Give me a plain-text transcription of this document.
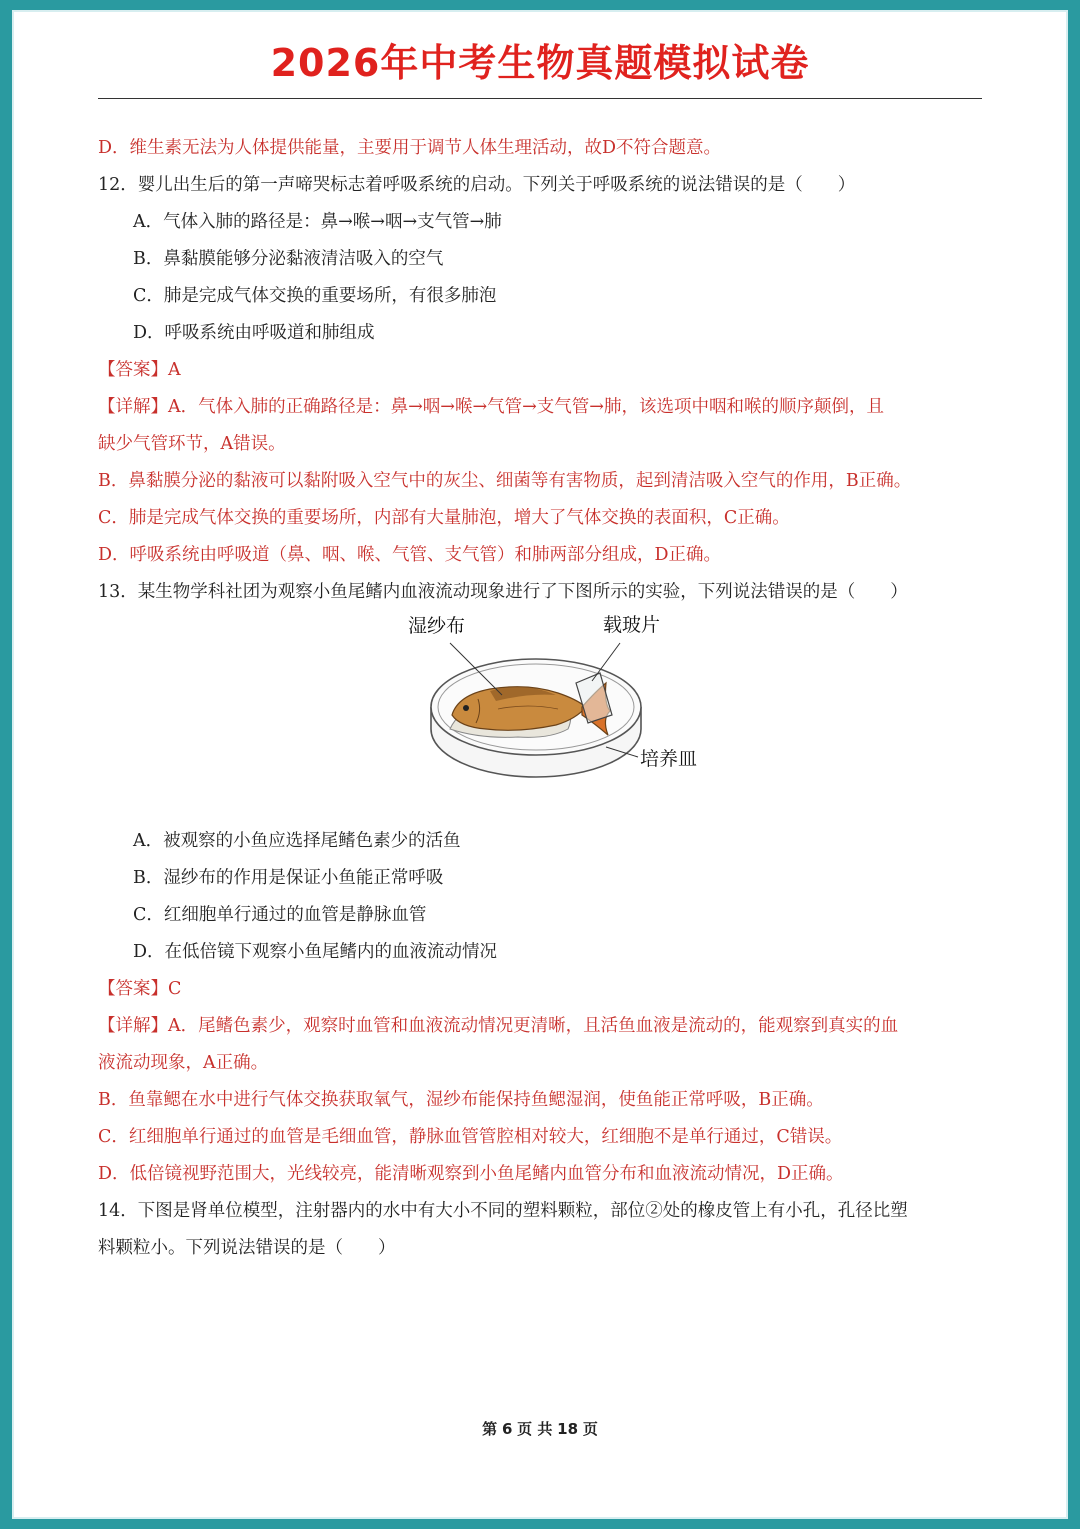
2026年中考生物真题模拟试卷
D．维生素无法为人体提供能量，主要用于调节人体生理活动，故D不符合题意。
12．婴儿出生后的第一声啼哭标志着呼吸系统的启动。下列关于呼吸系统的说法错误的是（　　）
A．气体入肺的路径是：鼻→喉→咽→支气管→肺
B．鼻黏膜能够分泌黏液清洁吸入的空气
C．肺是完成气体交换的重要场所，有很多肺泡
D．呼吸系统由呼吸道和肺组成
【答案】A
【详解】A．气体入肺的正确路径是：鼻→咽→喉→气管→支气管→肺，该选项中咽和喉的顺序颠倒，且
缺少气管环节，A错误。
B．鼻黏膜分泌的黏液可以黏附吸入空气中的灰尘、细菌等有害物质，起到清洁吸入空气的作用，B正确。
C．肺是完成气体交换的重要场所，内部有大量肺泡，增大了气体交换的表面积，C正确。
D．呼吸系统由呼吸道（鼻、咽、喉、气管、支气管）和肺两部分组成，D正确。
13．某生物学科社团为观察小鱼尾鳍内血液流动现象进行了下图所示的实验，下列说法错误的是（　　）
湿纱布	载玻片
培养皿
A．被观察的小鱼应选择尾鳍色素少的活鱼
B．湿纱布的作用是保证小鱼能正常呼吸
C．红细胞单行通过的血管是静脉血管
D．在低倍镜下观察小鱼尾鳍内的血液流动情况
【答案】C
【详解】A．尾鳍色素少，观察时血管和血液流动情况更清晰，且活鱼血液是流动的，能观察到真实的血
液流动现象，A正确。
B．鱼靠鳃在水中进行气体交换获取氧气，湿纱布能保持鱼鳃湿润，使鱼能正常呼吸，B正确。
C．红细胞单行通过的血管是毛细血管，静脉血管管腔相对较大，红细胞不是单行通过，C错误。
D．低倍镜视野范围大，光线较亮，能清晰观察到小鱼尾鳍内血管分布和血液流动情况，D正确。
14．下图是肾单位模型，注射器内的水中有大小不同的塑料颗粒，部位②处的橡皮管上有小孔，孔径比塑
料颗粒小。下列说法错误的是（　　）
第 6 页 共 18 页
